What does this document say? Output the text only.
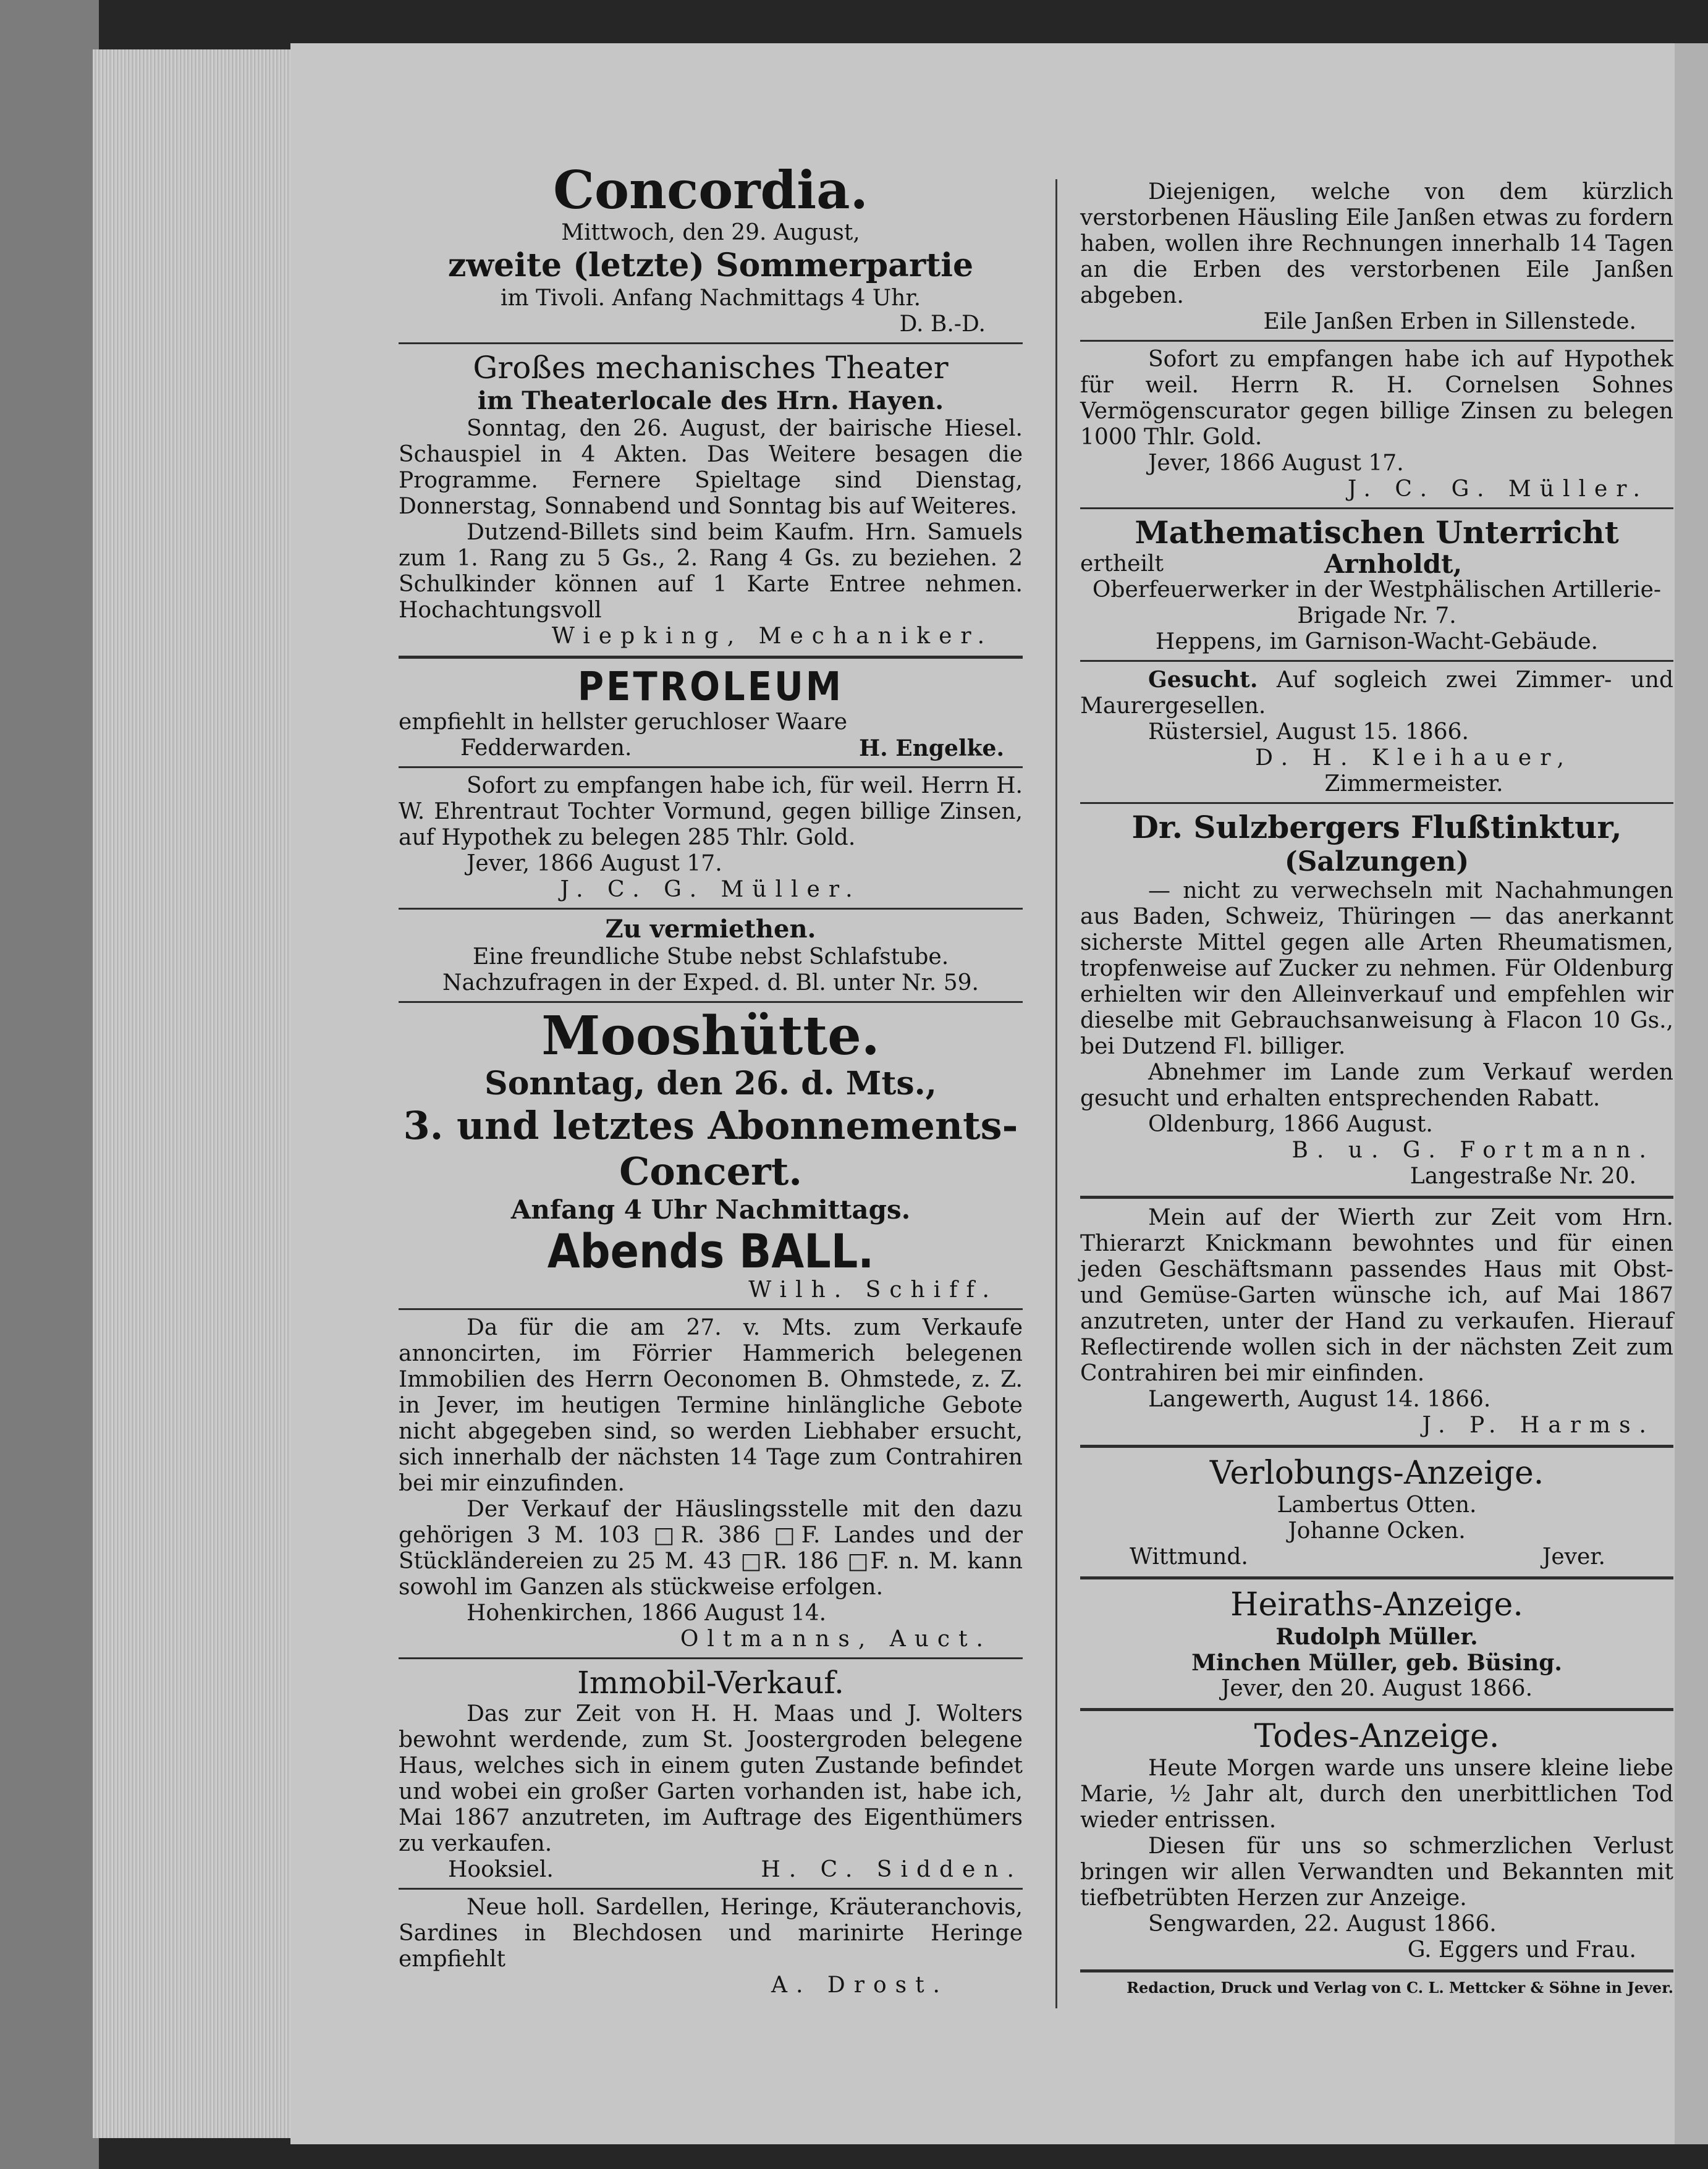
Concordia.
Mittwoch, den 29. August,
zweite (letzte) Sommerpartie
im Tivoli. Anfang Nachmittags 4 Uhr.
D. B.-D.
Großes mechanisches Theater
im Theaterlocale des Hrn. Hayen.
Sonntag, den 26. August, der bairische Hiesel. Schauspiel in 4 Akten. Das Weitere besagen die Programme. Fernere Spieltage sind Dienstag, Donnerstag, Sonnabend und Sonntag bis auf Weiteres.
Dutzend-Billets sind beim Kaufm. Hrn. Samuels zum 1. Rang zu 5 Gs., 2. Rang 4 Gs. zu beziehen. 2 Schulkinder können auf 1 Karte Entree nehmen. Hochachtungsvoll
Wiepking, Mechaniker.
PETROLEUM
empfiehlt in hellster geruchloser Waare
Fedderwarden.	H. Engelke.
Sofort zu empfangen habe ich, für weil. Herrn H. W. Ehrentraut Tochter Vormund, gegen billige Zinsen, auf Hypothek zu belegen 285 Thlr. Gold.
Jever, 1866 August 17.
J. C. G. Müller.
Zu vermiethen.
Eine freundliche Stube nebst Schlafstube.
Nachzufragen in der Exped. d. Bl. unter Nr. 59.
Mooshütte.
Sonntag, den 26. d. Mts.,
3. und letztes Abonnements-
Concert.
Anfang 4 Uhr Nachmittags.
Abends BALL.
Wilh. Schiff.
Da für die am 27. v. Mts. zum Verkaufe annoncirten, im Förrier Hammerich belegenen Immobilien des Herrn Oeconomen B. Ohmstede, z. Z. in Jever, im heutigen Termine hinlängliche Gebote nicht abgegeben sind, so werden Liebhaber ersucht, sich innerhalb der nächsten 14 Tage zum Contrahiren bei mir einzufinden.
Der Verkauf der Häuslingsstelle mit den dazu gehörigen 3 M. 103 □R. 386 □F. Landes und der Stückländereien zu 25 M. 43 □R. 186 □F. n. M. kann sowohl im Ganzen als stückweise erfolgen.
Hohenkirchen, 1866 August 14.
Oltmanns, Auct.
Immobil-Verkauf.
Das zur Zeit von H. H. Maas und J. Wolters bewohnt werdende, zum St. Joostergroden belegene Haus, welches sich in einem guten Zustande befindet und wobei ein großer Garten vorhanden ist, habe ich, Mai 1867 anzutreten, im Auftrage des Eigenthümers zu verkaufen.
Hooksiel.	H. C. Sidden.
Neue holl. Sardellen, Heringe, Kräuteranchovis, Sardines in Blechdosen und marinirte Heringe empfiehlt
A. Drost.
Diejenigen, welche von dem kürzlich verstorbenen Häusling Eile Janßen etwas zu fordern haben, wollen ihre Rechnungen innerhalb 14 Tagen an die Erben des verstorbenen Eile Janßen abgeben.
Eile Janßen Erben in Sillenstede.
Sofort zu empfangen habe ich auf Hypothek für weil. Herrn R. H. Cornelsen Sohnes Vermögenscurator gegen billige Zinsen zu belegen 1000 Thlr. Gold.
Jever, 1866 August 17.
J. C. G. Müller.
Mathematischen Unterricht
ertheilt	Arnholdt,
Oberfeuerwerker in der Westphälischen Artillerie-
Brigade Nr. 7.
Heppens, im Garnison-Wacht-Gebäude.
Gesucht. Auf sogleich zwei Zimmer- und Maurergesellen.
Rüstersiel, August 15. 1866.
D. H. Kleihauer,
Zimmermeister.
Dr. Sulzbergers Flußtinktur,
(Salzungen)
— nicht zu verwechseln mit Nachahmungen aus Baden, Schweiz, Thüringen — das anerkannt sicherste Mittel gegen alle Arten Rheumatismen, tropfenweise auf Zucker zu nehmen. Für Oldenburg erhielten wir den Alleinverkauf und empfehlen wir dieselbe mit Gebrauchsanweisung à Flacon 10 Gs., bei Dutzend Fl. billiger.
Abnehmer im Lande zum Verkauf werden gesucht und erhalten entsprechenden Rabatt.
Oldenburg, 1866 August.
B. u. G. Fortmann.
Langestraße Nr. 20.
Mein auf der Wierth zur Zeit vom Hrn. Thierarzt Knickmann bewohntes und für einen jeden Geschäftsmann passendes Haus mit Obst- und Gemüse-Garten wünsche ich, auf Mai 1867 anzutreten, unter der Hand zu verkaufen. Hierauf Reflectirende wollen sich in der nächsten Zeit zum Contrahiren bei mir einfinden.
Langewerth, August 14. 1866.
J. P. Harms.
Verlobungs-Anzeige.
Lambertus Otten.
Johanne Ocken.
Wittmund.	Jever.
Heiraths-Anzeige.
Rudolph Müller.
Minchen Müller, geb. Büsing.
Jever, den 20. August 1866.
Todes-Anzeige.
Heute Morgen warde uns unsere kleine liebe Marie, ½ Jahr alt, durch den unerbittlichen Tod wieder entrissen.
Diesen für uns so schmerzlichen Verlust bringen wir allen Verwandten und Bekannten mit tiefbetrübten Herzen zur Anzeige.
Sengwarden, 22. August 1866.
G. Eggers und Frau.
Redaction, Druck und Verlag von C. L. Mettcker & Söhne in Jever.
